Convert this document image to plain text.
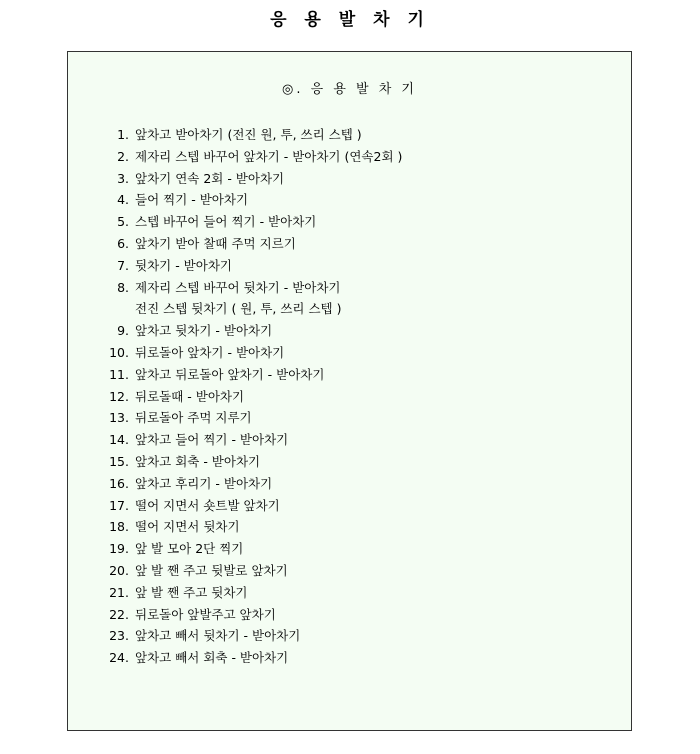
응 용 발 차 기
◎. 응 용 발 차 기
1. 앞차고 받아차기 (전진 원, 투, 쓰리 스텝 )
2. 제자리 스텝 바꾸어 앞차기 - 받아차기 (연속2회 )
3. 앞차기 연속 2회 - 받아차기
4. 들어 찍기 - 받아차기
5. 스텝 바꾸어 들어 찍기 - 받아차기
6. 앞차기 받아 찰때 주먹 지르기
7. 뒷차기 - 받아차기
8. 제자리 스텝 바꾸어 뒷차기 - 받아차기
전진 스텝 뒷차기 ( 원, 투, 쓰리 스텝 )
9. 앞차고 뒷차기 - 받아차기
10. 뒤로돌아 앞차기 - 받아차기
11. 앞차고 뒤로돌아 앞차기 - 받아차기
12. 뒤로돌때 - 받아차기
13. 뒤로돌아 주먹 지루기
14. 앞차고 들어 찍기 - 받아차기
15. 앞차고 회축 - 받아차기
16. 앞차고 후리기 - 받아차기
17. 떨어 지면서 숏트발 앞차기
18. 떨어 지면서 뒷차기
19. 앞 발 모아 2단 찍기
20. 앞 발 짼 주고 뒷발로 앞차기
21. 앞 발 짼 주고 뒷차기
22. 뒤로돌아 앞발주고 앞차기
23. 앞차고 빼서 뒷차기 - 받아차기
24. 앞차고 빼서 회축 - 받아차기
